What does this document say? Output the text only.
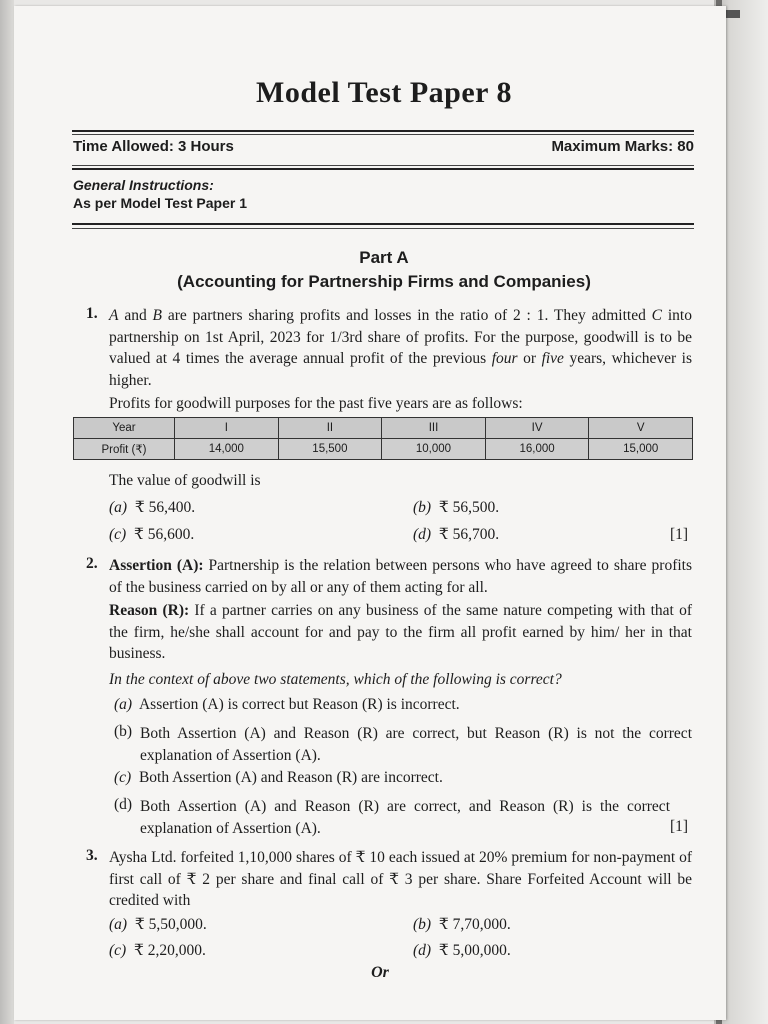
Model Test Paper 8
Time Allowed: 3 Hours	Maximum Marks: 80
General Instructions:
As per Model Test Paper 1
Part A
(Accounting for Partnership Firms and Companies)
1. A and B are partners sharing profits and losses in the ratio of 2 : 1. They admitted C into partnership on 1st April, 2023 for 1/3rd share of profits. For the purpose, goodwill is to be valued at 4 times the average annual profit of the previous four or five years, whichever is higher.
Profits for goodwill purposes for the past five years are as follows:
Year	I	II	III	IV	V
Profit (₹)	14,000	15,500	10,000	16,000	15,000
The value of goodwill is
(a) ₹ 56,400.	(b) ₹ 56,500.
(c) ₹ 56,600.	(d) ₹ 56,700.	[1]
2. Assertion (A): Partnership is the relation between persons who have agreed to share profits of the business carried on by all or any of them acting for all.
Reason (R): If a partner carries on any business of the same nature competing with that of the firm, he/she shall account for and pay to the firm all profit earned by him/ her in that business.
In the context of above two statements, which of the following is correct?
(a) Assertion (A) is correct but Reason (R) is incorrect.
(b) Both Assertion (A) and Reason (R) are correct, but Reason (R) is not the correct explanation of Assertion (A).
(c) Both Assertion (A) and Reason (R) are incorrect.
(d) Both Assertion (A) and Reason (R) are correct, and Reason (R) is the correct explanation of Assertion (A).	[1]
3. Aysha Ltd. forfeited 1,10,000 shares of ₹ 10 each issued at 20% premium for non-payment of first call of ₹ 2 per share and final call of ₹ 3 per share. Share Forfeited Account will be credited with
(a) ₹ 5,50,000.	(b) ₹ 7,70,000.
(c) ₹ 2,20,000.	(d) ₹ 5,00,000.
Or
